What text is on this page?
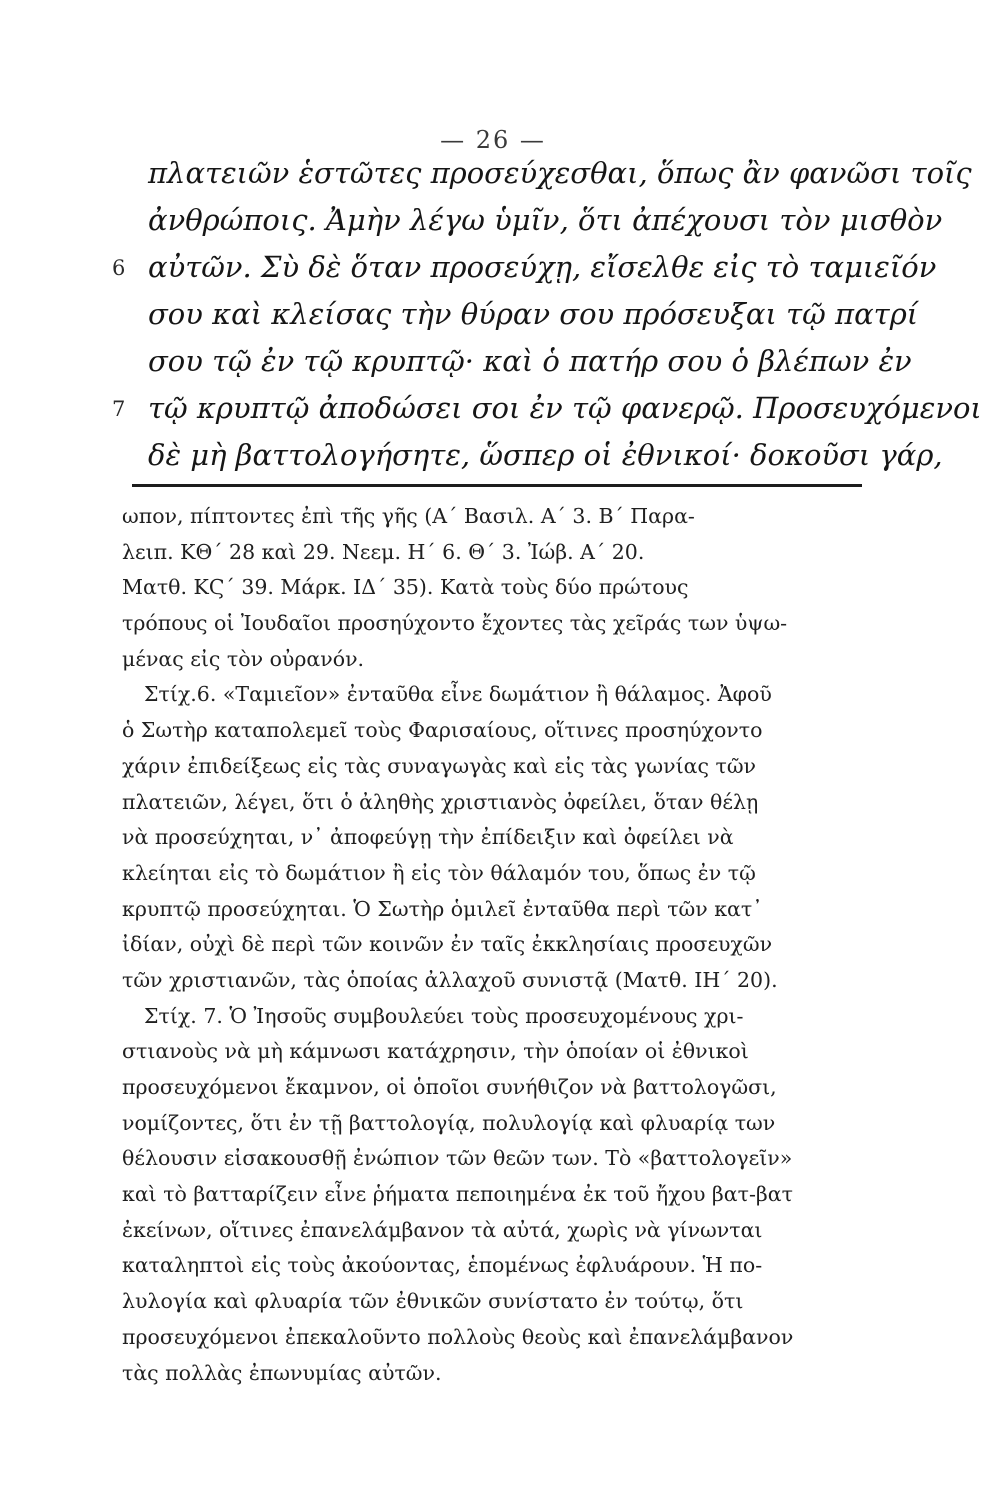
— 26 —
πλατειῶν ἑστῶτες προσεύχεσθαι, ὅπως ἂν φανῶσι τοῖς
ἀνθρώποις. Ἀμὴν λέγω ὑμῖν, ὅτι ἀπέχουσι τὸν μισθὸν
6 αὐτῶν. Σὺ δὲ ὅταν προσεύχῃ, εἴσελθε εἰς τὸ ταμιεῖόν
σου καὶ κλείσας τὴν θύραν σου πρόσευξαι τῷ πατρί
σου τῷ ἐν τῷ κρυπτῷ· καὶ ὁ πατήρ σου ὁ βλέπων ἐν
7 τῷ κρυπτῷ ἀποδώσει σοι ἐν τῷ φανερῷ. Προσευχόμενοι
δὲ μὴ βαττολογήσητε, ὥσπερ οἱ ἐθνικοί· δοκοῦσι γάρ,
ωπον, πίπτοντες ἐπὶ τῆς γῆς (Α΄ Βασιλ. Α΄ 3. Β΄ Παρα-
λειπ. ΚΘ΄ 28 καὶ 29. Νεεμ. Η΄ 6. Θ΄ 3. Ἰώβ. Α΄ 20.
Ματθ. ΚϚ΄ 39. Μάρκ. ΙΔ΄ 35). Κατὰ τοὺς δύο πρώτους
τρόπους οἱ Ἰουδαῖοι προσηύχοντο ἔχοντες τὰς χεῖράς των ὑψω-
μένας εἰς τὸν οὐρανόν.
Στίχ.6. «Ταμιεῖον» ἐνταῦθα εἶνε δωμάτιον ἢ θάλαμος. Ἀφοῦ
ὁ Σωτὴρ καταπολεμεῖ τοὺς Φαρισαίους, οἵτινες προσηύχοντο
χάριν ἐπιδείξεως εἰς τὰς συναγωγὰς καὶ εἰς τὰς γωνίας τῶν
πλατειῶν, λέγει, ὅτι ὁ ἀληθὴς χριστιανὸς ὀφείλει, ὅταν θέλῃ
νὰ προσεύχηται, ν᾽ ἀποφεύγῃ τὴν ἐπίδειξιν καὶ ὀφείλει νὰ
κλείηται εἰς τὸ δωμάτιον ἢ εἰς τὸν θάλαμόν του, ὅπως ἐν τῷ
κρυπτῷ προσεύχηται. Ὁ Σωτὴρ ὁμιλεῖ ἐνταῦθα περὶ τῶν κατ᾽
ἰδίαν, οὐχὶ δὲ περὶ τῶν κοινῶν ἐν ταῖς ἐκκλησίαις προσευχῶν
τῶν χριστιανῶν, τὰς ὁποίας ἀλλαχοῦ συνιστᾷ (Ματθ. ΙΗ΄ 20).
Στίχ. 7. Ὁ Ἰησοῦς συμβουλεύει τοὺς προσευχομένους χρι-
στιανοὺς νὰ μὴ κάμνωσι κατάχρησιν, τὴν ὁποίαν οἱ ἐθνικοὶ
προσευχόμενοι ἔκαμνον, οἱ ὁποῖοι συνήθιζον νὰ βαττολογῶσι,
νομίζοντες, ὅτι ἐν τῇ βαττολογίᾳ, πολυλογίᾳ καὶ φλυαρίᾳ των
θέλουσιν εἰσακουσθῇ ἐνώπιον τῶν θεῶν των. Τὸ «βαττολογεῖν»
καὶ τὸ βατταρίζειν εἶνε ῥήματα πεποιημένα ἐκ τοῦ ἤχου βατ-βατ
ἐκείνων, οἵτινες ἐπανελάμβανον τὰ αὐτά, χωρὶς νὰ γίνωνται
καταληπτοὶ εἰς τοὺς ἀκούοντας, ἑπομένως ἐφλυάρουν. Ἡ πο-
λυλογία καὶ φλυαρία τῶν ἐθνικῶν συνίστατο ἐν τούτῳ, ὅτι
προσευχόμενοι ἐπεκαλοῦντο πολλοὺς θεοὺς καὶ ἐπανελάμβανον
τὰς πολλὰς ἐπωνυμίας αὐτῶν.
